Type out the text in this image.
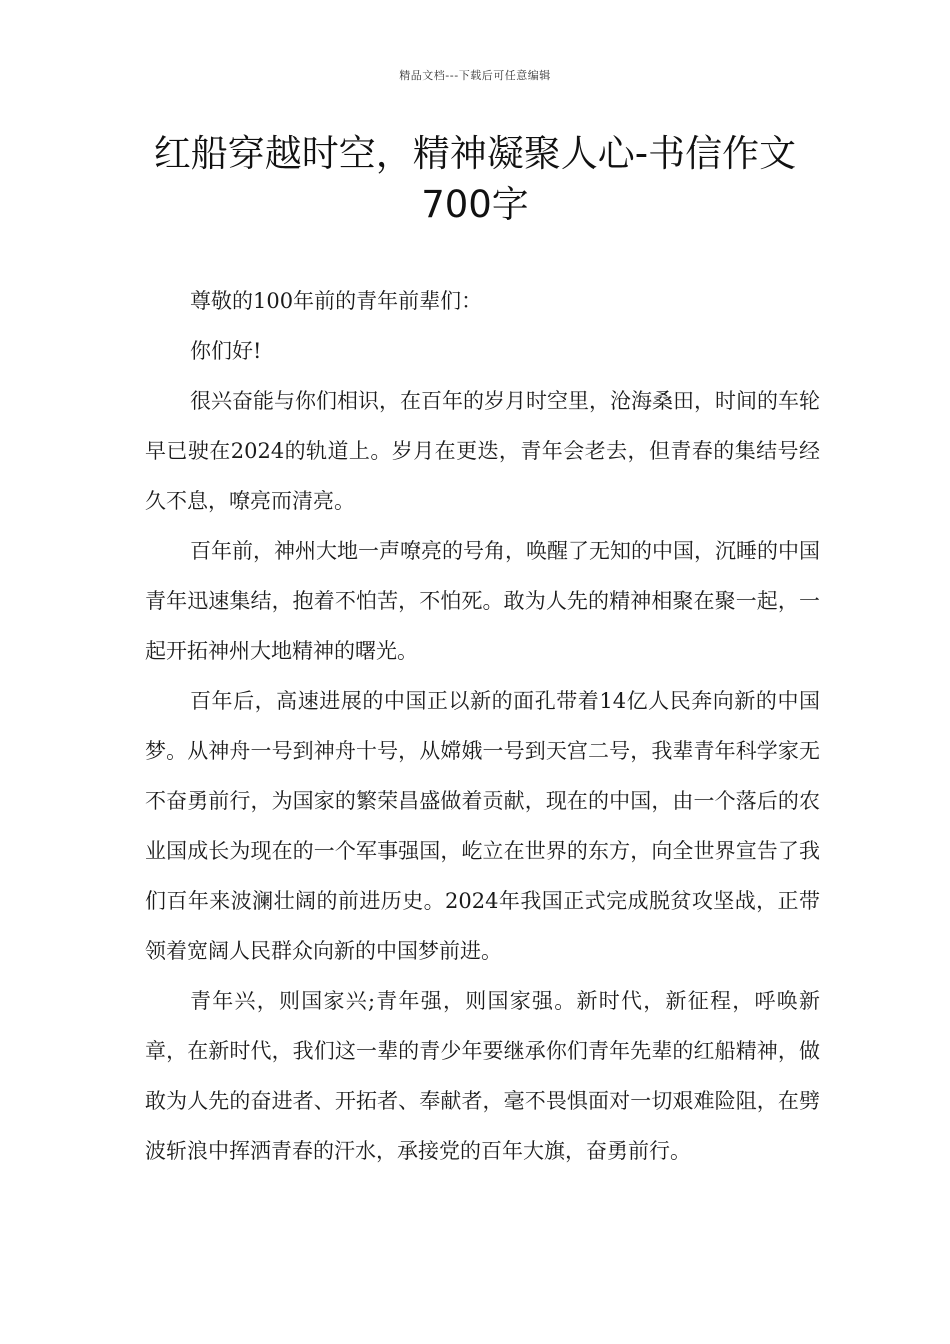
精品文档---下载后可任意编辑
红船穿越时空，精神凝聚人心-书信作文700字

尊敬的100年前的青年前辈们：

你们好!

很兴奋能与你们相识，在百年的岁月时空里，沧海桑田，时间的车轮早已驶在2024的轨道上。岁月在更迭，青年会老去，但青春的集结号经久不息，嘹亮而清亮。

百年前，神州大地一声嘹亮的号角，唤醒了无知的中国，沉睡的中国青年迅速集结，抱着不怕苦，不怕死。敢为人先的精神相聚在聚一起，一起开拓神州大地精神的曙光。

百年后，高速进展的中国正以新的面孔带着14亿人民奔向新的中国梦。从神舟一号到神舟十号，从嫦娥一号到天宫二号，我辈青年科学家无不奋勇前行，为国家的繁荣昌盛做着贡献，现在的中国，由一个落后的农业国成长为现在的一个军事强国，屹立在世界的东方，向全世界宣告了我们百年来波澜壮阔的前进历史。2024年我国正式完成脱贫攻坚战，正带领着宽阔人民群众向新的中国梦前进。

青年兴，则国家兴;青年强，则国家强。新时代，新征程，呼唤新章，在新时代，我们这一辈的青少年要继承你们青年先辈的红船精神，做敢为人先的奋进者、开拓者、奉献者，毫不畏惧面对一切艰难险阻，在劈波斩浪中挥洒青春的汗水，承接党的百年大旗，奋勇前行。
